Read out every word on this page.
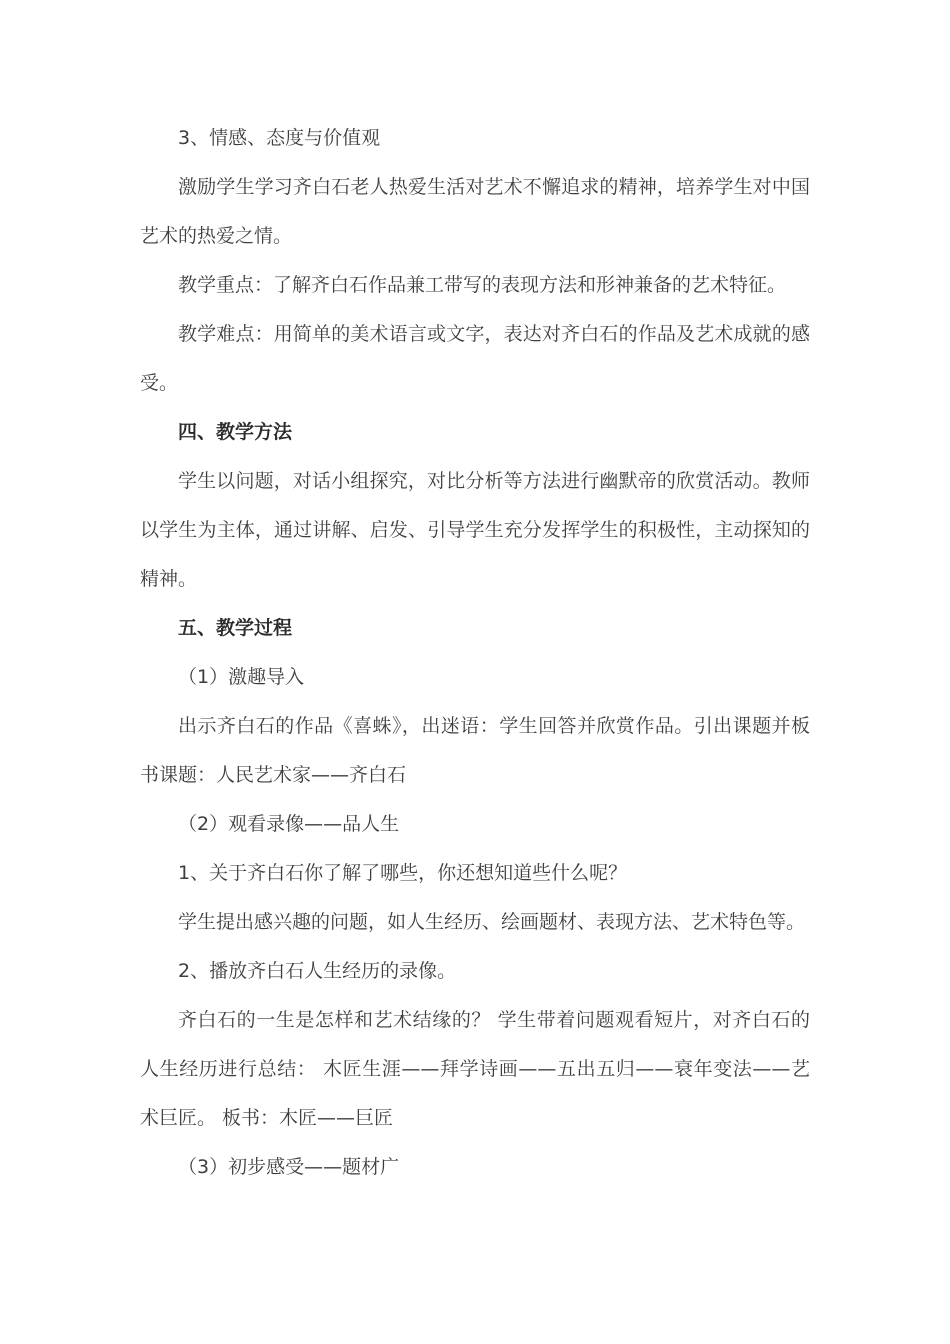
3、情感、态度与价值观

激励学生学习齐白石老人热爱生活对艺术不懈追求的精神，培养学生对中国艺术的热爱之情。

教学重点：了解齐白石作品兼工带写的表现方法和形神兼备的艺术特征。

教学难点：用简单的美术语言或文字，表达对齐白石的作品及艺术成就的感受。

四、教学方法

学生以问题，对话小组探究，对比分析等方法进行幽默帝的欣赏活动。教师以学生为主体，通过讲解、启发、引导学生充分发挥学生的积极性，主动探知的精神。

五、教学过程

（1）激趣导入

出示齐白石的作品《喜蛛》，出迷语：学生回答并欣赏作品。引出课题并板书课题：人民艺术家——齐白石

（2）观看录像——品人生

1、关于齐白石你了解了哪些，你还想知道些什么呢？

学生提出感兴趣的问题，如人生经历、绘画题材、表现方法、艺术特色等。

2、播放齐白石人生经历的录像。

齐白石的一生是怎样和艺术结缘的？ 学生带着问题观看短片，对齐白石的人生经历进行总结： 木匠生涯——拜学诗画——五出五归——衰年变法——艺术巨匠。 板书：木匠——巨匠

（3）初步感受——题材广
